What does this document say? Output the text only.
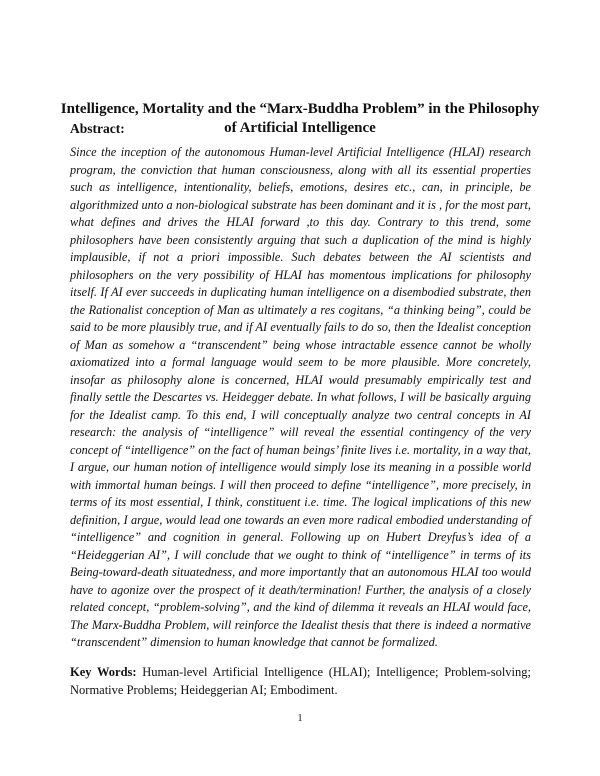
Intelligence, Mortality and the “Marx-Buddha Problem” in the Philosophy of Artificial Intelligence
Abstract:

Since the inception of the autonomous Human-level Artificial Intelligence (HLAI) research program, the conviction that human consciousness, along with all its essential properties such as intelligence, intentionality, beliefs, emotions, desires etc., can, in principle, be algorithmized unto a non-biological substrate has been dominant and it is , for the most part, what defines and drives the HLAI forward ,to this day. Contrary to this trend, some philosophers have been consistently arguing that such a duplication of the mind is highly implausible, if not a priori impossible. Such debates between the AI scientists and philosophers on the very possibility of HLAI has momentous implications for philosophy itself. If AI ever succeeds in duplicating human intelligence on a disembodied substrate, then the Rationalist conception of Man as ultimately a res cogitans, “a thinking being”, could be said to be more plausibly true, and if AI eventually fails to do so, then the Idealist conception of Man as somehow a “transcendent” being whose intractable essence cannot be wholly axiomatized into a formal language would seem to be more plausible. More concretely, insofar as philosophy alone is concerned, HLAI would presumably empirically test and finally settle the Descartes vs. Heidegger debate. In what follows, I will be basically arguing for the Idealist camp. To this end, I will conceptually analyze two central concepts in AI research: the analysis of “intelligence” will reveal the essential contingency of the very concept of “intelligence” on the fact of human beings’ finite lives i.e. mortality, in a way that, I argue, our human notion of intelligence would simply lose its meaning in a possible world with immortal human beings. I will then proceed to define “intelligence”, more precisely, in terms of its most essential, I think, constituent i.e. time. The logical implications of this new definition, I argue, would lead one towards an even more radical embodied understanding of “intelligence” and cognition in general. Following up on Hubert Dreyfus’s idea of a “Heideggerian AI”, I will conclude that we ought to think of “intelligence” in terms of its Being-toward-death situatedness, and more importantly that an autonomous HLAI too would have to agonize over the prospect of it death/termination! Further, the analysis of a closely related concept, “problem-solving”, and the kind of dilemma it reveals an HLAI would face, The Marx-Buddha Problem, will reinforce the Idealist thesis that there is indeed a normative “transcendent” dimension to human knowledge that cannot be formalized.

Key Words: Human-level Artificial Intelligence (HLAI); Intelligence; Problem-solving; Normative Problems; Heideggerian AI; Embodiment.

1
